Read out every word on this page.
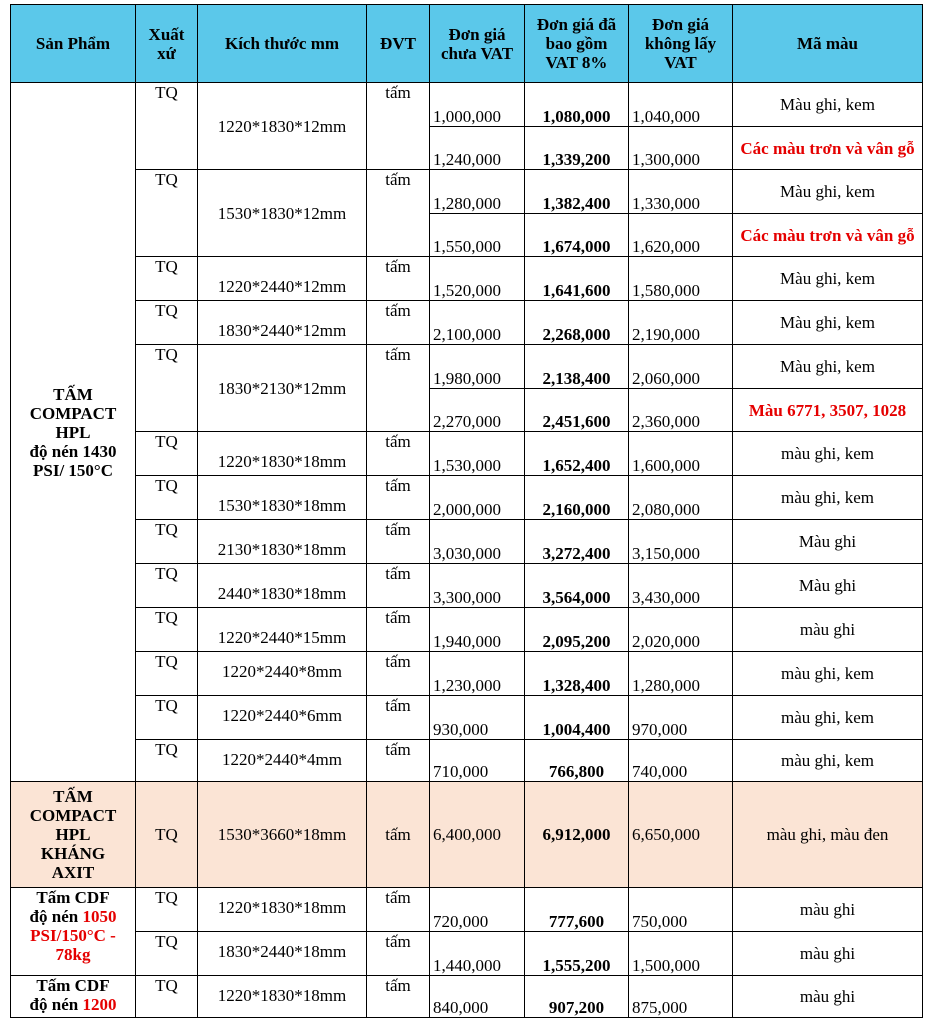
Sản Phẩm	Xuất xứ	Kích thước mm	ĐVT	Đơn giá chưa VAT	Đơn giá đã bao gồm VAT 8%	Đơn giá không lấy VAT	Mã màu
TẤM
COMPACT
HPL
độ nén 1430
PSI/ 150°C	TQ	1220*1830*12mm	tấm	1,000,000	1,080,000	1,040,000	Màu ghi, kem
				1,240,000	1,339,200	1,300,000	Các màu trơn và vân gỗ
	TQ	1530*1830*12mm	tấm	1,280,000	1,382,400	1,330,000	Màu ghi, kem
				1,550,000	1,674,000	1,620,000	Các màu trơn và vân gỗ
	TQ	1220*2440*12mm	tấm	1,520,000	1,641,600	1,580,000	Màu ghi, kem
	TQ	1830*2440*12mm	tấm	2,100,000	2,268,000	2,190,000	Màu ghi, kem
	TQ	1830*2130*12mm	tấm	1,980,000	2,138,400	2,060,000	Màu ghi, kem
				2,270,000	2,451,600	2,360,000	Màu 6771, 3507, 1028
	TQ	1220*1830*18mm	tấm	1,530,000	1,652,400	1,600,000	màu ghi, kem
	TQ	1530*1830*18mm	tấm	2,000,000	2,160,000	2,080,000	màu ghi, kem
	TQ	2130*1830*18mm	tấm	3,030,000	3,272,400	3,150,000	Màu ghi
	TQ	2440*1830*18mm	tấm	3,300,000	3,564,000	3,430,000	Màu ghi
	TQ	1220*2440*15mm	tấm	1,940,000	2,095,200	2,020,000	màu ghi
	TQ	1220*2440*8mm	tấm	1,230,000	1,328,400	1,280,000	màu ghi, kem
	TQ	1220*2440*6mm	tấm	930,000	1,004,400	970,000	màu ghi, kem
	TQ	1220*2440*4mm	tấm	710,000	766,800	740,000	màu ghi, kem
TẤM
COMPACT
HPL
KHÁNG
AXIT	TQ	1530*3660*18mm	tấm	6,400,000	6,912,000	6,650,000	màu ghi, màu đen
Tấm CDF
độ nén 1050
PSI/150°C -
78kg	TQ	1220*1830*18mm	tấm	720,000	777,600	750,000	màu ghi
	TQ	1830*2440*18mm	tấm	1,440,000	1,555,200	1,500,000	màu ghi
Tấm CDF
độ nén 1200	TQ	1220*1830*18mm	tấm	840,000	907,200	875,000	màu ghi
